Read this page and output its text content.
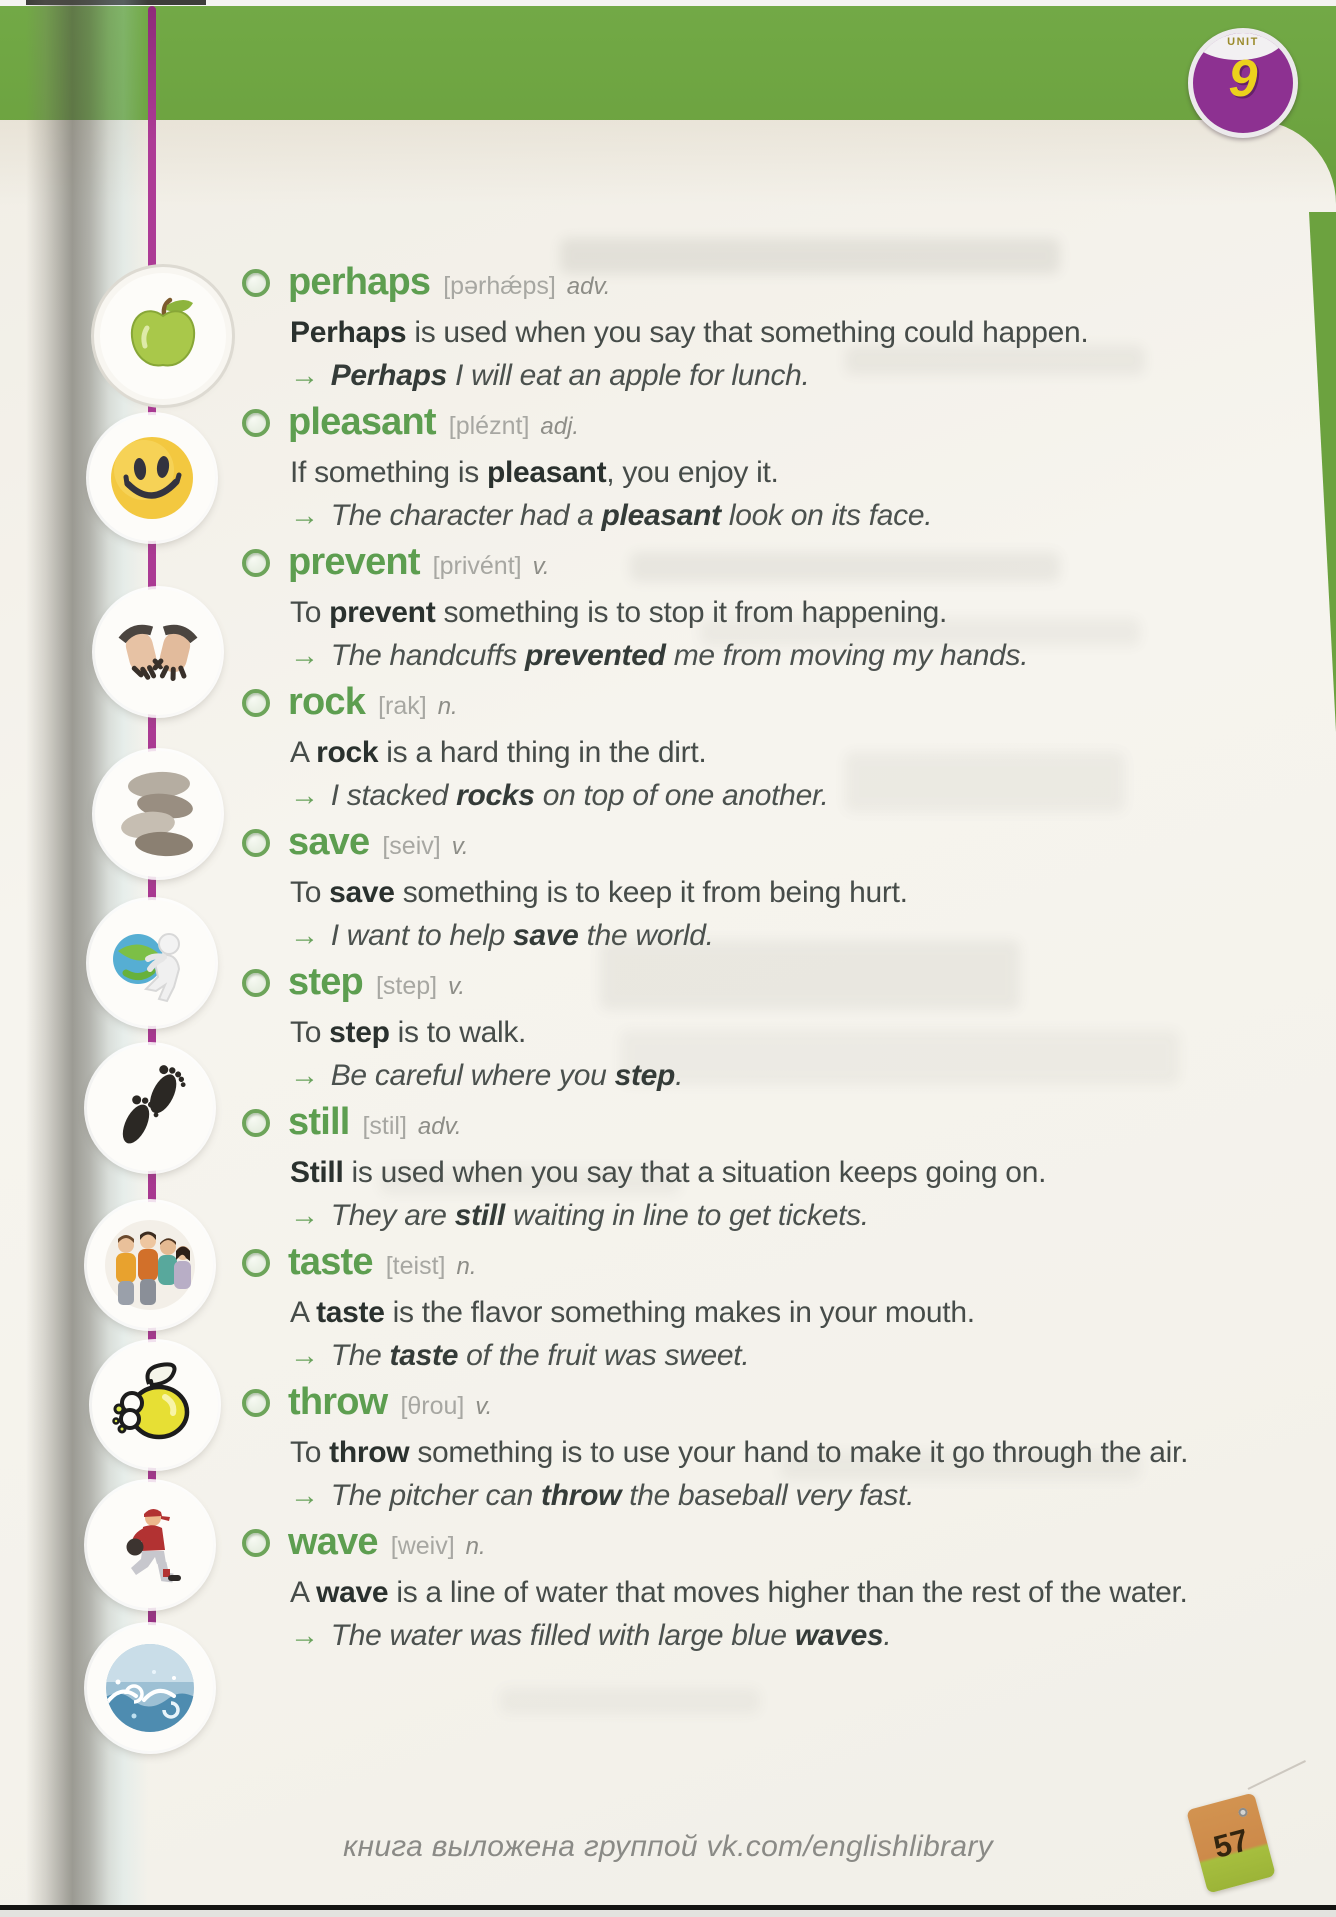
UNIT
9
perhaps [pərhǽps] adv.
Perhaps is used when you say that something could happen.
→ Perhaps I will eat an apple for lunch.
pleasant [pléznt] adj.
If something is pleasant, you enjoy it.
→ The character had a pleasant look on its face.
prevent [privént] v.
To prevent something is to stop it from happening.
→ The handcuffs prevented me from moving my hands.
rock [rak] n.
A rock is a hard thing in the dirt.
→ I stacked rocks on top of one another.
save [seiv] v.
To save something is to keep it from being hurt.
→ I want to help save the world.
step [step] v.
To step is to walk.
→ Be careful where you step.
still [stil] adv.
Still is used when you say that a situation keeps going on.
→ They are still waiting in line to get tickets.
taste [teist] n.
A taste is the flavor something makes in your mouth.
→ The taste of the fruit was sweet.
throw [θrou] v.
To throw something is to use your hand to make it go through the air.
→ The pitcher can throw the baseball very fast.
wave [weiv] n.
A wave is a line of water that moves higher than the rest of the water.
→ The water was filled with large blue waves.
книга выложена группой vk.com/englishlibrary	57
